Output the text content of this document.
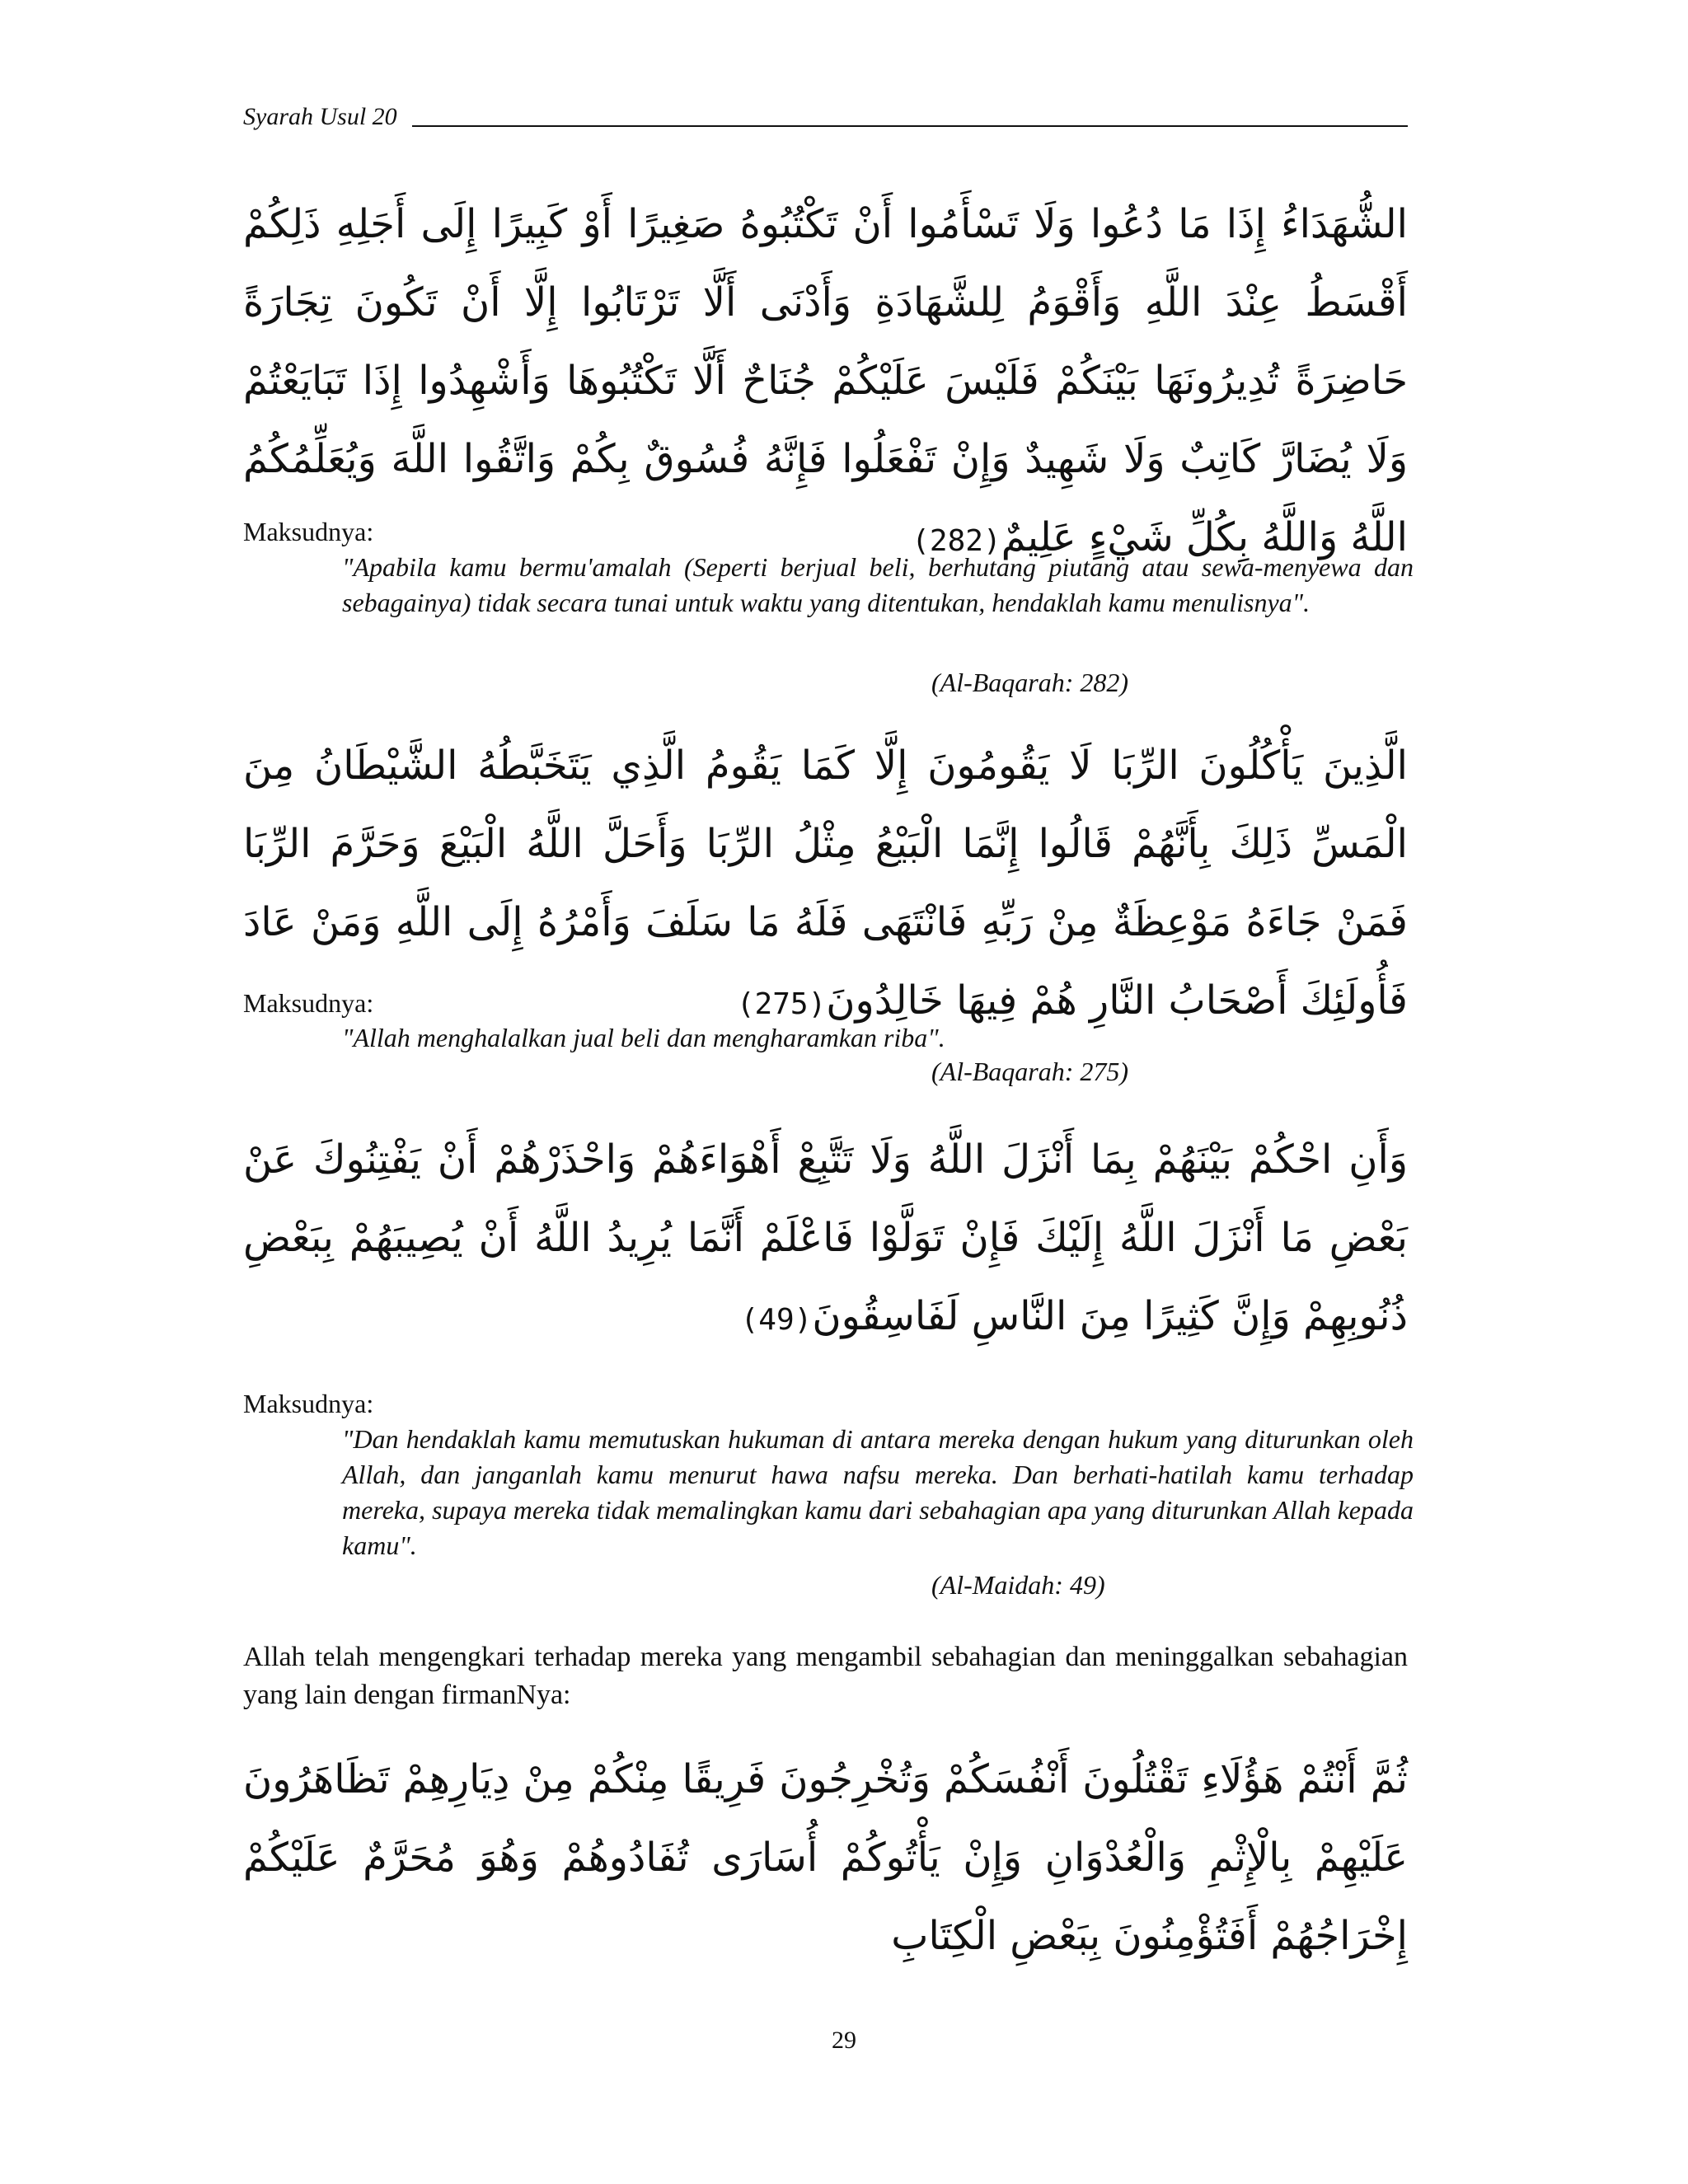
Syarah Usul 20
الشُّهَدَاءُ إِذَا مَا دُعُوا وَلَا تَسْأَمُوا أَنْ تَكْتُبُوهُ صَغِيرًا أَوْ كَبِيرًا إِلَى أَجَلِهِ ذَلِكُمْ أَقْسَطُ عِنْدَ اللَّهِ وَأَقْوَمُ لِلشَّهَادَةِ وَأَدْنَى أَلَّا تَرْتَابُوا إِلَّا أَنْ تَكُونَ تِجَارَةً حَاضِرَةً تُدِيرُونَهَا بَيْنَكُمْ فَلَيْسَ عَلَيْكُمْ جُنَاحٌ أَلَّا تَكْتُبُوهَا وَأَشْهِدُوا إِذَا تَبَايَعْتُمْ وَلَا يُضَارَّ كَاتِبٌ وَلَا شَهِيدٌ وَإِنْ تَفْعَلُوا فَإِنَّهُ فُسُوقٌ بِكُمْ وَاتَّقُوا اللَّهَ وَيُعَلِّمُكُمُ اللَّهُ وَاللَّهُ بِكُلِّ شَيْءٍ عَلِيمٌ(282)
Maksudnya:
"Apabila kamu bermu'amalah (Seperti berjual beli, berhutang piutang atau sewa-menyewa dan sebagainya) tidak secara tunai untuk waktu yang ditentukan, hendaklah kamu menulisnya".
(Al-Baqarah: 282)
الَّذِينَ يَأْكُلُونَ الرِّبَا لَا يَقُومُونَ إِلَّا كَمَا يَقُومُ الَّذِي يَتَخَبَّطُهُ الشَّيْطَانُ مِنَ الْمَسِّ ذَلِكَ بِأَنَّهُمْ قَالُوا إِنَّمَا الْبَيْعُ مِثْلُ الرِّبَا وَأَحَلَّ اللَّهُ الْبَيْعَ وَحَرَّمَ الرِّبَا فَمَنْ جَاءَهُ مَوْعِظَةٌ مِنْ رَبِّهِ فَانْتَهَى فَلَهُ مَا سَلَفَ وَأَمْرُهُ إِلَى اللَّهِ وَمَنْ عَادَ فَأُولَئِكَ أَصْحَابُ النَّارِ هُمْ فِيهَا خَالِدُونَ(275)
Maksudnya:
"Allah menghalalkan jual beli dan mengharamkan riba".
(Al-Baqarah: 275)
وَأَنِ احْكُمْ بَيْنَهُمْ بِمَا أَنْزَلَ اللَّهُ وَلَا تَتَّبِعْ أَهْوَاءَهُمْ وَاحْذَرْهُمْ أَنْ يَفْتِنُوكَ عَنْ بَعْضِ مَا أَنْزَلَ اللَّهُ إِلَيْكَ فَإِنْ تَوَلَّوْا فَاعْلَمْ أَنَّمَا يُرِيدُ اللَّهُ أَنْ يُصِيبَهُمْ بِبَعْضِ ذُنُوبِهِمْ وَإِنَّ كَثِيرًا مِنَ النَّاسِ لَفَاسِقُونَ(49)
Maksudnya:
"Dan hendaklah kamu memutuskan hukuman di antara mereka dengan hukum yang diturunkan oleh Allah, dan janganlah kamu menurut hawa nafsu mereka. Dan berhati-hatilah kamu terhadap mereka, supaya mereka tidak memalingkan kamu dari sebahagian apa yang diturunkan Allah kepada kamu".
(Al-Maidah: 49)
Allah telah mengengkari terhadap mereka yang mengambil sebahagian dan meninggalkan sebahagian yang lain dengan firmanNya:
ثُمَّ أَنْتُمْ هَؤُلَاءِ تَقْتُلُونَ أَنْفُسَكُمْ وَتُخْرِجُونَ فَرِيقًا مِنْكُمْ مِنْ دِيَارِهِمْ تَظَاهَرُونَ عَلَيْهِمْ بِالْإِثْمِ وَالْعُدْوَانِ وَإِنْ يَأْتُوكُمْ أُسَارَى تُفَادُوهُمْ وَهُوَ مُحَرَّمٌ عَلَيْكُمْ إِخْرَاجُهُمْ أَفَتُؤْمِنُونَ بِبَعْضِ الْكِتَابِ
29
